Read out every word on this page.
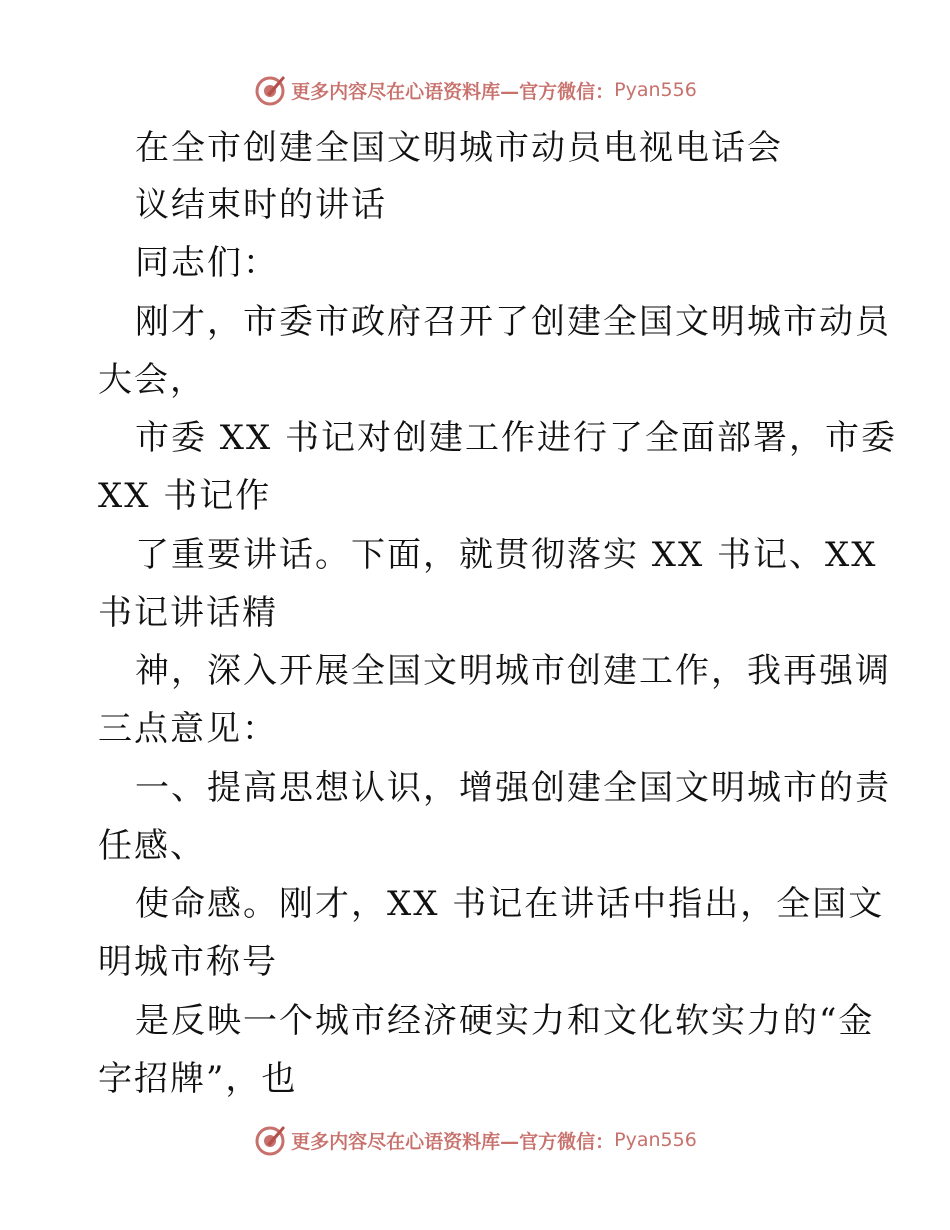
更多内容尽在心语资料库—官方微信： Pyan556

在全市创建全国文明城市动员电视电话会

议结束时的讲话

同志们：

刚才，市委市政府召开了创建全国文明城市动员

大会，

市委 XX 书记对创建工作进行了全面部署，市委

XX 书记作

了重要讲话。下面，就贯彻落实 XX 书记、XX

书记讲话精

神，深入开展全国文明城市创建工作，我再强调

三点意见：

一、提高思想认识，增强创建全国文明城市的责

任感、

使命感。刚才，XX 书记在讲话中指出，全国文

明城市称号

是反映一个城市经济硬实力和文化软实力的“金

字招牌”，也

更多内容尽在心语资料库—官方微信： Pyan556
